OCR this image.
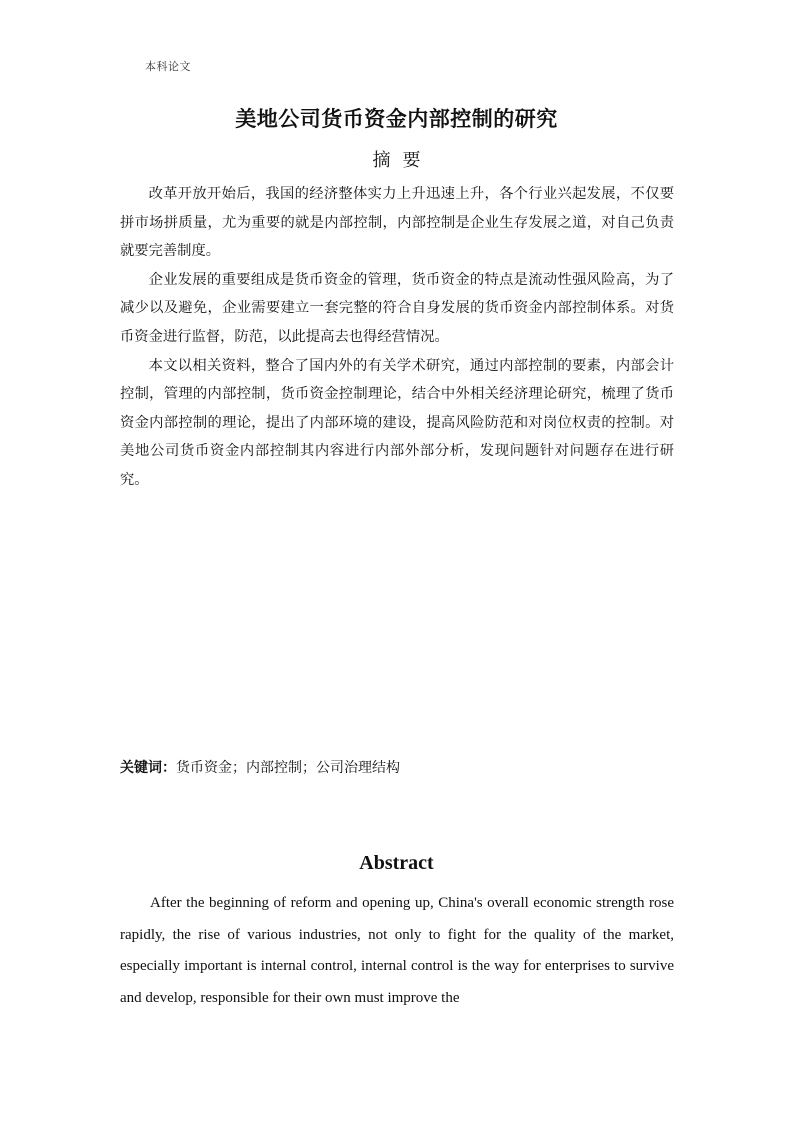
本科论文
美地公司货币资金内部控制的研究
摘要

改革开放开始后，我国的经济整体实力上升迅速上升，各个行业兴起发展，不仅要拼市场拼质量，尤为重要的就是内部控制，内部控制是企业生存发展之道，对自己负责就要完善制度。

企业发展的重要组成是货币资金的管理，货币资金的特点是流动性强风险高，为了减少以及避免，企业需要建立一套完整的符合自身发展的货币资金内部控制体系。对货币资金进行监督，防范，以此提高去也得经营情况。

本文以相关资料，整合了国内外的有关学术研究，通过内部控制的要素，内部会计控制，管理的内部控制，货币资金控制理论，结合中外相关经济理论研究，梳理了货币资金内部控制的理论，提出了内部环境的建设，提高风险防范和对岗位权责的控制。对美地公司货币资金内部控制其内容进行内部外部分析，发现问题针对问题存在进行研究。

关键词：货币资金；内部控制；公司治理结构
Abstract

After the beginning of reform and opening up, China's overall economic strength rose rapidly, the rise of various industries, not only to fight for the quality of the market, especially important is internal control, internal control is the way for enterprises to survive and develop, responsible for their own must improve the
